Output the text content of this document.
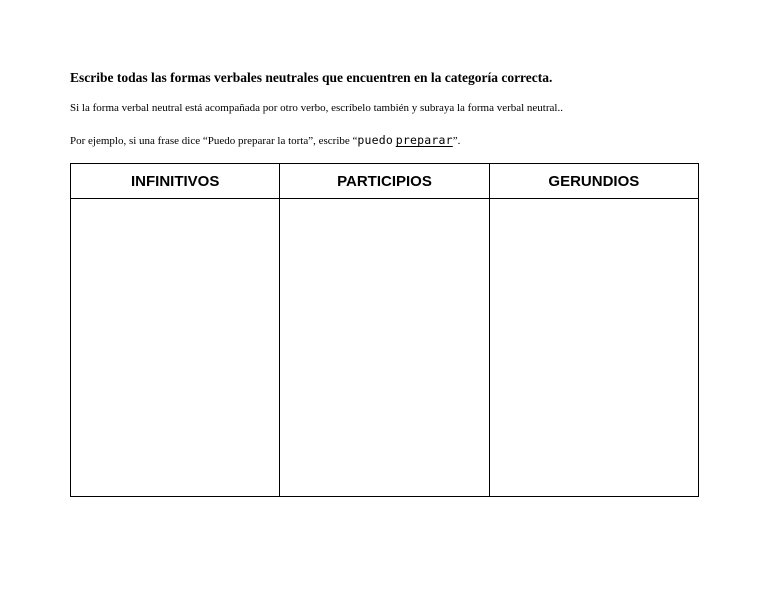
Escribe todas las formas verbales neutrales que encuentren en la categoría correcta.
Si la forma verbal neutral está acompañada por otro verbo, escríbelo también y subraya la forma verbal neutral..
Por ejemplo, si una frase dice “Puedo preparar la torta”, escribe “puedo preparar”.
INFINITIVOS	PARTICIPIOS	GERUNDIOS
